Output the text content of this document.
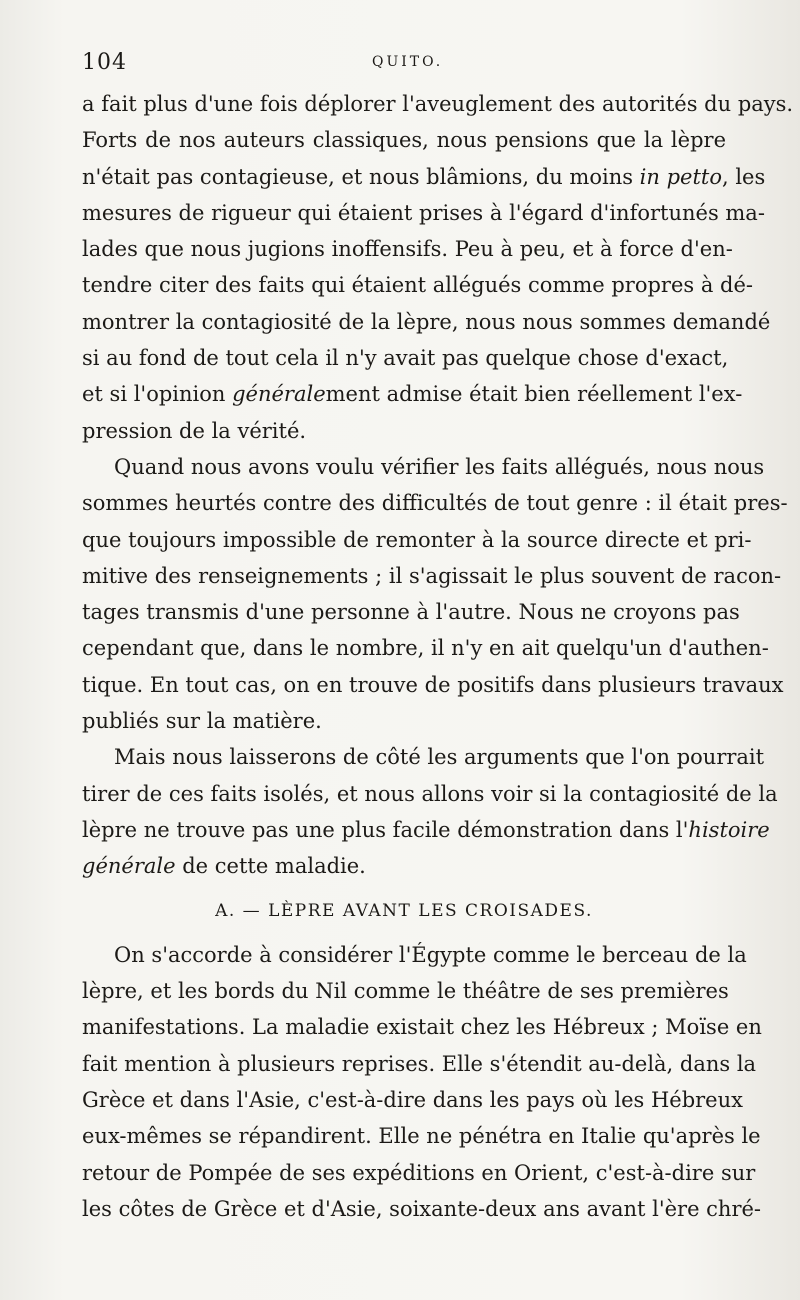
104	QUITO.
a fait plus d'une fois déplorer l'aveuglement des autorités du pays.
Forts de nos auteurs classiques, nous pensions que la lèpre
n'était pas contagieuse, et nous blâmions, du moins in petto, les
mesures de rigueur qui étaient prises à l'égard d'infortunés ma-
lades que nous jugions inoffensifs. Peu à peu, et à force d'en-
tendre citer des faits qui étaient allégués comme propres à dé-
montrer la contagiosité de la lèpre, nous nous sommes demandé
si au fond de tout cela il n'y avait pas quelque chose d'exact,
et si l'opinion généralement admise était bien réellement l'ex-
pression de la vérité.
Quand nous avons voulu vérifier les faits allégués, nous nous
sommes heurtés contre des difficultés de tout genre : il était pres-
que toujours impossible de remonter à la source directe et pri-
mitive des renseignements ; il s'agissait le plus souvent de racon-
tages transmis d'une personne à l'autre. Nous ne croyons pas
cependant que, dans le nombre, il n'y en ait quelqu'un d'authen-
tique. En tout cas, on en trouve de positifs dans plusieurs travaux
publiés sur la matière.
Mais nous laisserons de côté les arguments que l'on pourrait
tirer de ces faits isolés, et nous allons voir si la contagiosité de la
lèpre ne trouve pas une plus facile démonstration dans l'histoire
générale de cette maladie.
A. — LÈPRE AVANT LES CROISADES.
On s'accorde à considérer l'Égypte comme le berceau de la
lèpre, et les bords du Nil comme le théâtre de ses premières
manifestations. La maladie existait chez les Hébreux ; Moïse en
fait mention à plusieurs reprises. Elle s'étendit au-delà, dans la
Grèce et dans l'Asie, c'est-à-dire dans les pays où les Hébreux
eux-mêmes se répandirent. Elle ne pénétra en Italie qu'après le
retour de Pompée de ses expéditions en Orient, c'est-à-dire sur
les côtes de Grèce et d'Asie, soixante-deux ans avant l'ère chré-
